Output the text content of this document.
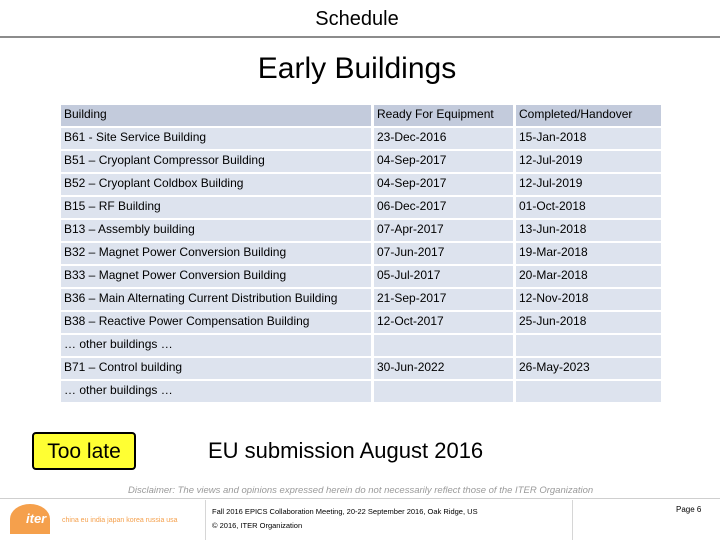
Schedule
Early Buildings
Building	Ready For Equipment	Completed/Handover

B61 - Site Service Building	23-Dec-2016	15-Jan-2018

B51 – Cryoplant Compressor Building	04-Sep-2017	12-Jul-2019

B52 – Cryoplant Coldbox Building	04-Sep-2017	12-Jul-2019

B15 – RF Building	06-Dec-2017	01-Oct-2018

B13 – Assembly building	07-Apr-2017	13-Jun-2018

B32 – Magnet Power Conversion Building	07-Jun-2017	19-Mar-2018

B33 – Magnet Power Conversion Building	05-Jul-2017	20-Mar-2018

B36 – Main Alternating Current Distribution Building	21-Sep-2017	12-Nov-2018

B38 – Reactive Power Compensation Building	12-Oct-2017	25-Jun-2018

… other buildings …		

B71 – Control building	30-Jun-2022	26-May-2023

… other buildings …		

Too late	EU submission August 2016
Disclaimer: The views and opinions expressed herein do not necessarily reflect those of the ITER Organization
iter china eu india japan korea russia usa
Fall 2016 EPICS Collaboration Meeting, 20-22 September 2016, Oak Ridge, US
© 2016, ITER Organization
Page 6
